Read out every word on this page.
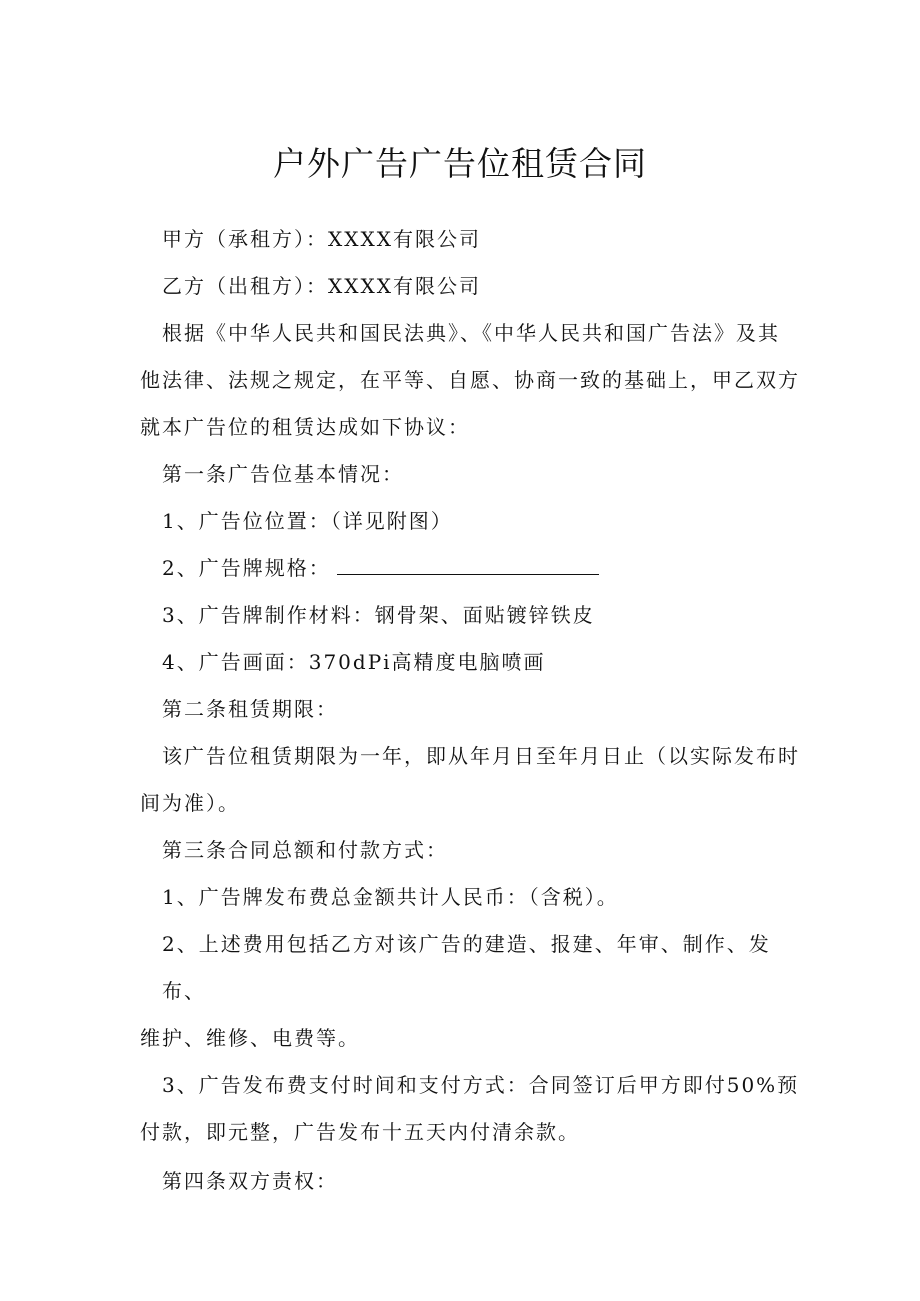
户外广告广告位租赁合同

甲方（承租方）：XXXX有限公司

乙方（出租方）：XXXX有限公司

根据《中华人民共和国民法典》、《中华人民共和国广告法》及其

他法律、法规之规定，在平等、自愿、协商一致的基础上，甲乙双方

就本广告位的租赁达成如下协议：

第一条广告位基本情况：

1、广告位位置：（详见附图）

2、广告牌规格：

3、广告牌制作材料：钢骨架、面贴镀锌铁皮

4、广告画面：370dPi高精度电脑喷画

第二条租赁期限：

该广告位租赁期限为一年，即从年月日至年月日止（以实际发布时

间为准）。

第三条合同总额和付款方式：

1、广告牌发布费总金额共计人民币：（含税）。

2、上述费用包括乙方对该广告的建造、报建、年审、制作、发布、

维护、维修、电费等。

3、广告发布费支付时间和支付方式：合同签订后甲方即付50%预

付款，即元整，广告发布十五天内付清余款。

第四条双方责权：
